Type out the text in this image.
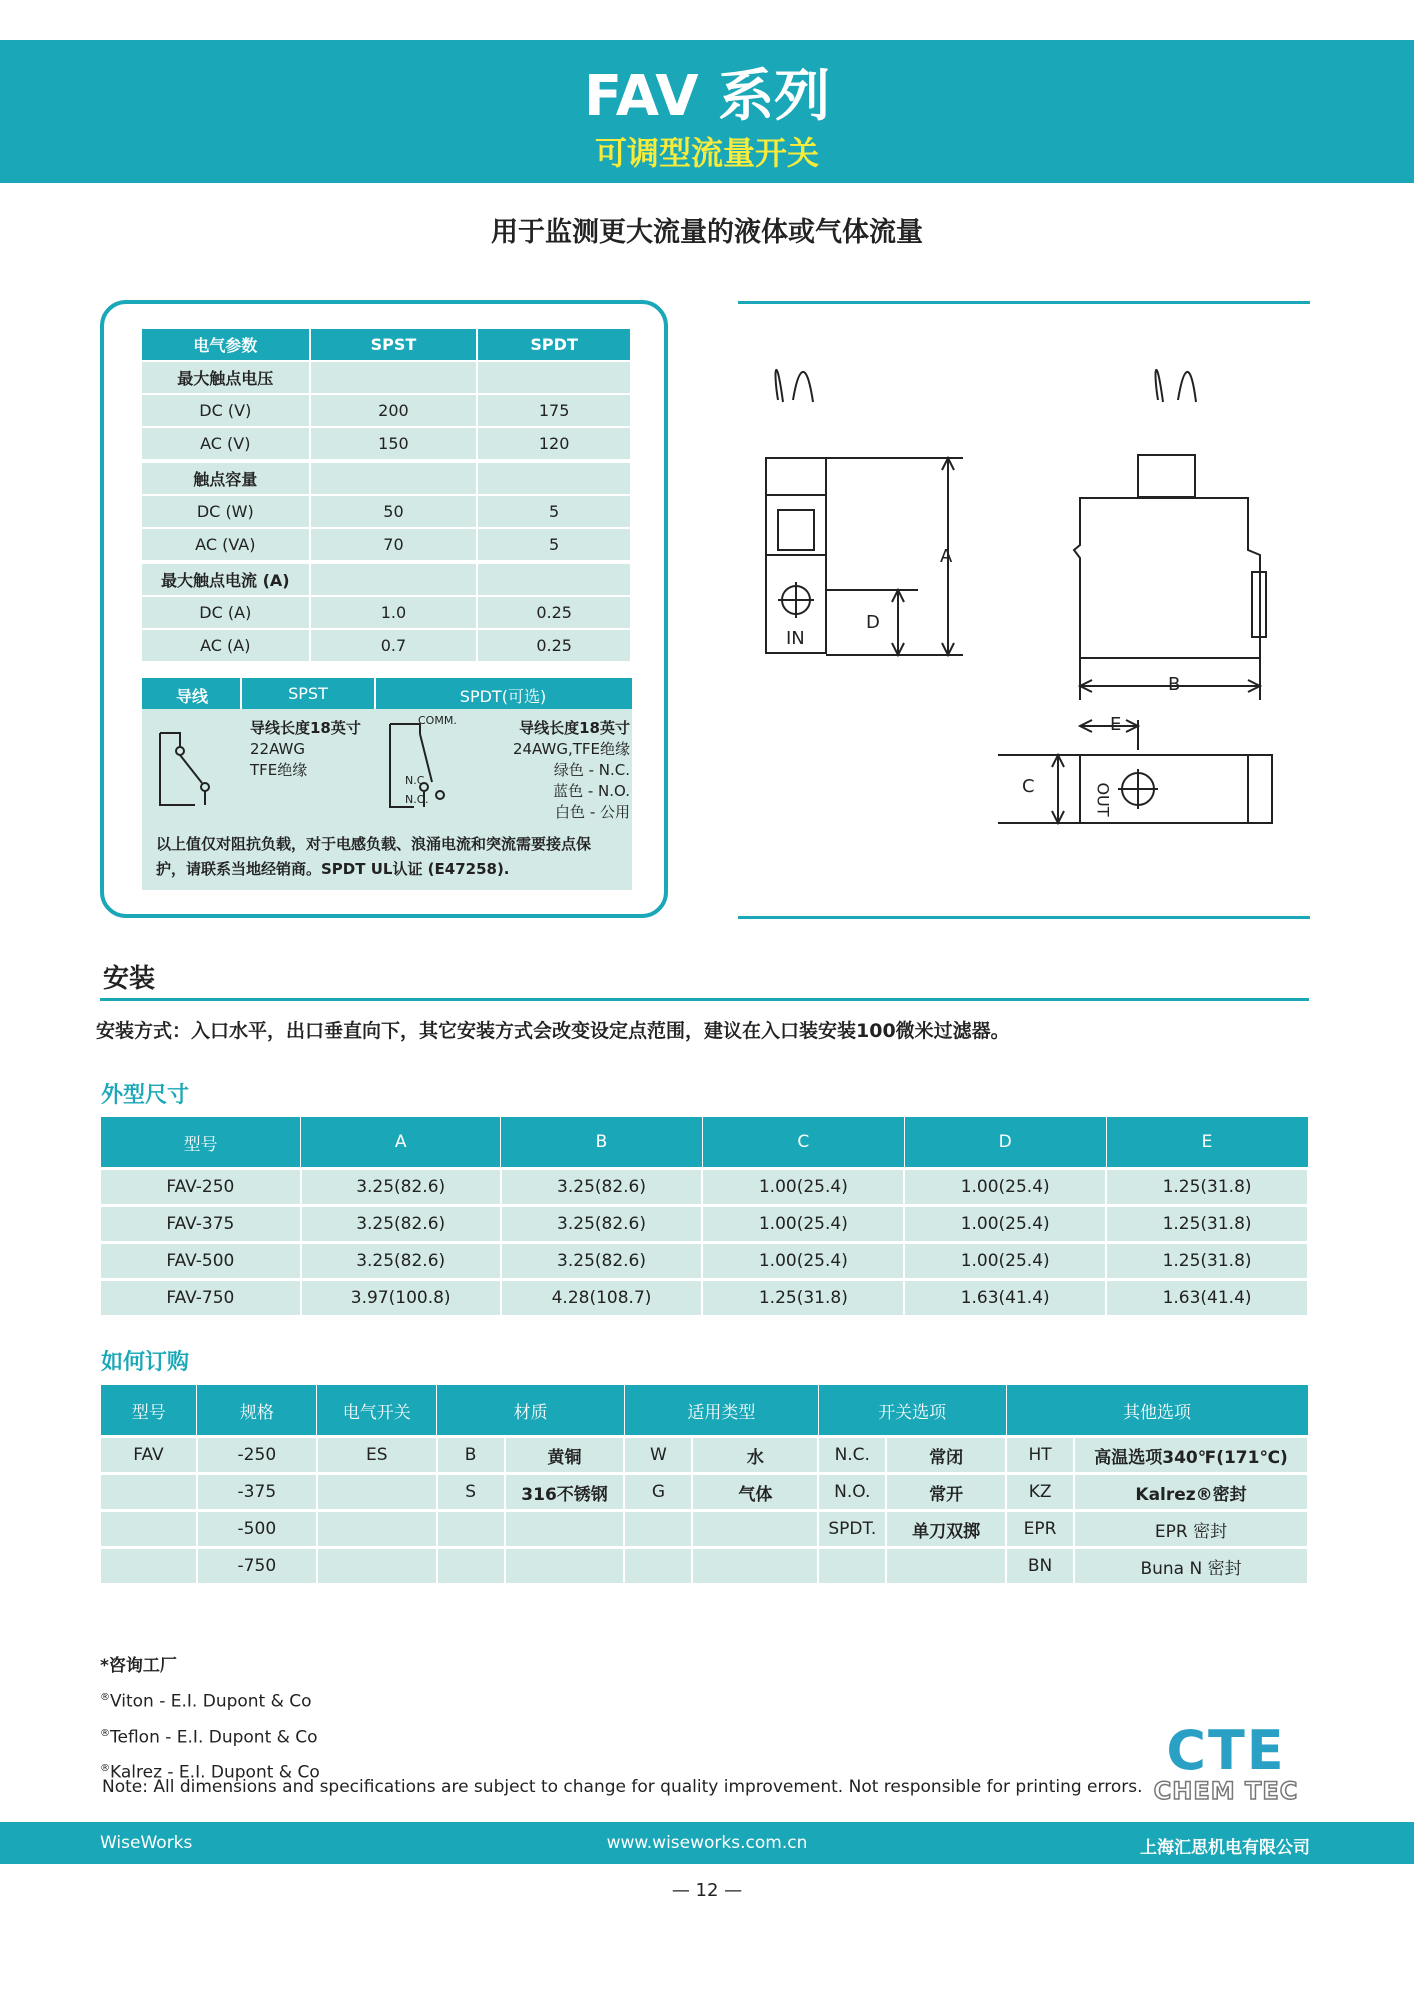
FAV 系列
可调型流量开关
用于监测更大流量的液体或气体流量
电气参数	SPST	SPDT
最大触点电压		
DC (V)	200	175
AC (V)	150	120
触点容量		
DC (W)	50	5
AC (VA)	70	5
最大触点电流 (A)		
DC (A)	1.0	0.25
AC (A)	0.7	0.25
导线	SPST	SPDT(可选)
导线长度18英寸
22AWG
TFE绝缘
COMM.
N.C.
N.O.
导线长度18英寸
24AWG,TFE绝缘
绿色 - N.C.
蓝色 - N.O.
白色 - 公用
以上值仅对阻抗负载，对于电感负载、浪涌电流和突流需要接点保护，请联系当地经销商。SPDT UL认证 (E47258).
A
D
IN
B
E
C	OUT
安装
安装方式：入口水平，出口垂直向下，其它安装方式会改变设定点范围，建议在入口装安装100微米过滤器。
外型尺寸
型号	A	B	C	D	E
FAV-250	3.25(82.6)	3.25(82.6)	1.00(25.4)	1.00(25.4)	1.25(31.8)
FAV-375	3.25(82.6)	3.25(82.6)	1.00(25.4)	1.00(25.4)	1.25(31.8)
FAV-500	3.25(82.6)	3.25(82.6)	1.00(25.4)	1.00(25.4)	1.25(31.8)
FAV-750	3.97(100.8)	4.28(108.7)	1.25(31.8)	1.63(41.4)	1.63(41.4)
如何订购
型号	规格	电气开关	材质		适用类型		开关选项		其他选项	
FAV	-250	ES	B	黄铜	W	水	N.C.	常闭	HT	高温选项340℉(171℃)
	-375		S	316不锈钢	G	气体	N.O.	常开	KZ	Kalrez®密封
	-500						SPDT.	单刀双掷	EPR	EPR 密封
	-750								BN	Buna N 密封
*咨询工厂
®Viton - E.I. Dupont & Co
®Teflon - E.I. Dupont & Co
®Kalrez - E.I. Dupont & Co
Note: All dimensions and specifications are subject to change for quality improvement. Not responsible for printing errors.
CTE
CHEM TEC
WiseWorks	www.wiseworks.com.cn	上海汇思机电有限公司
— 12 —
